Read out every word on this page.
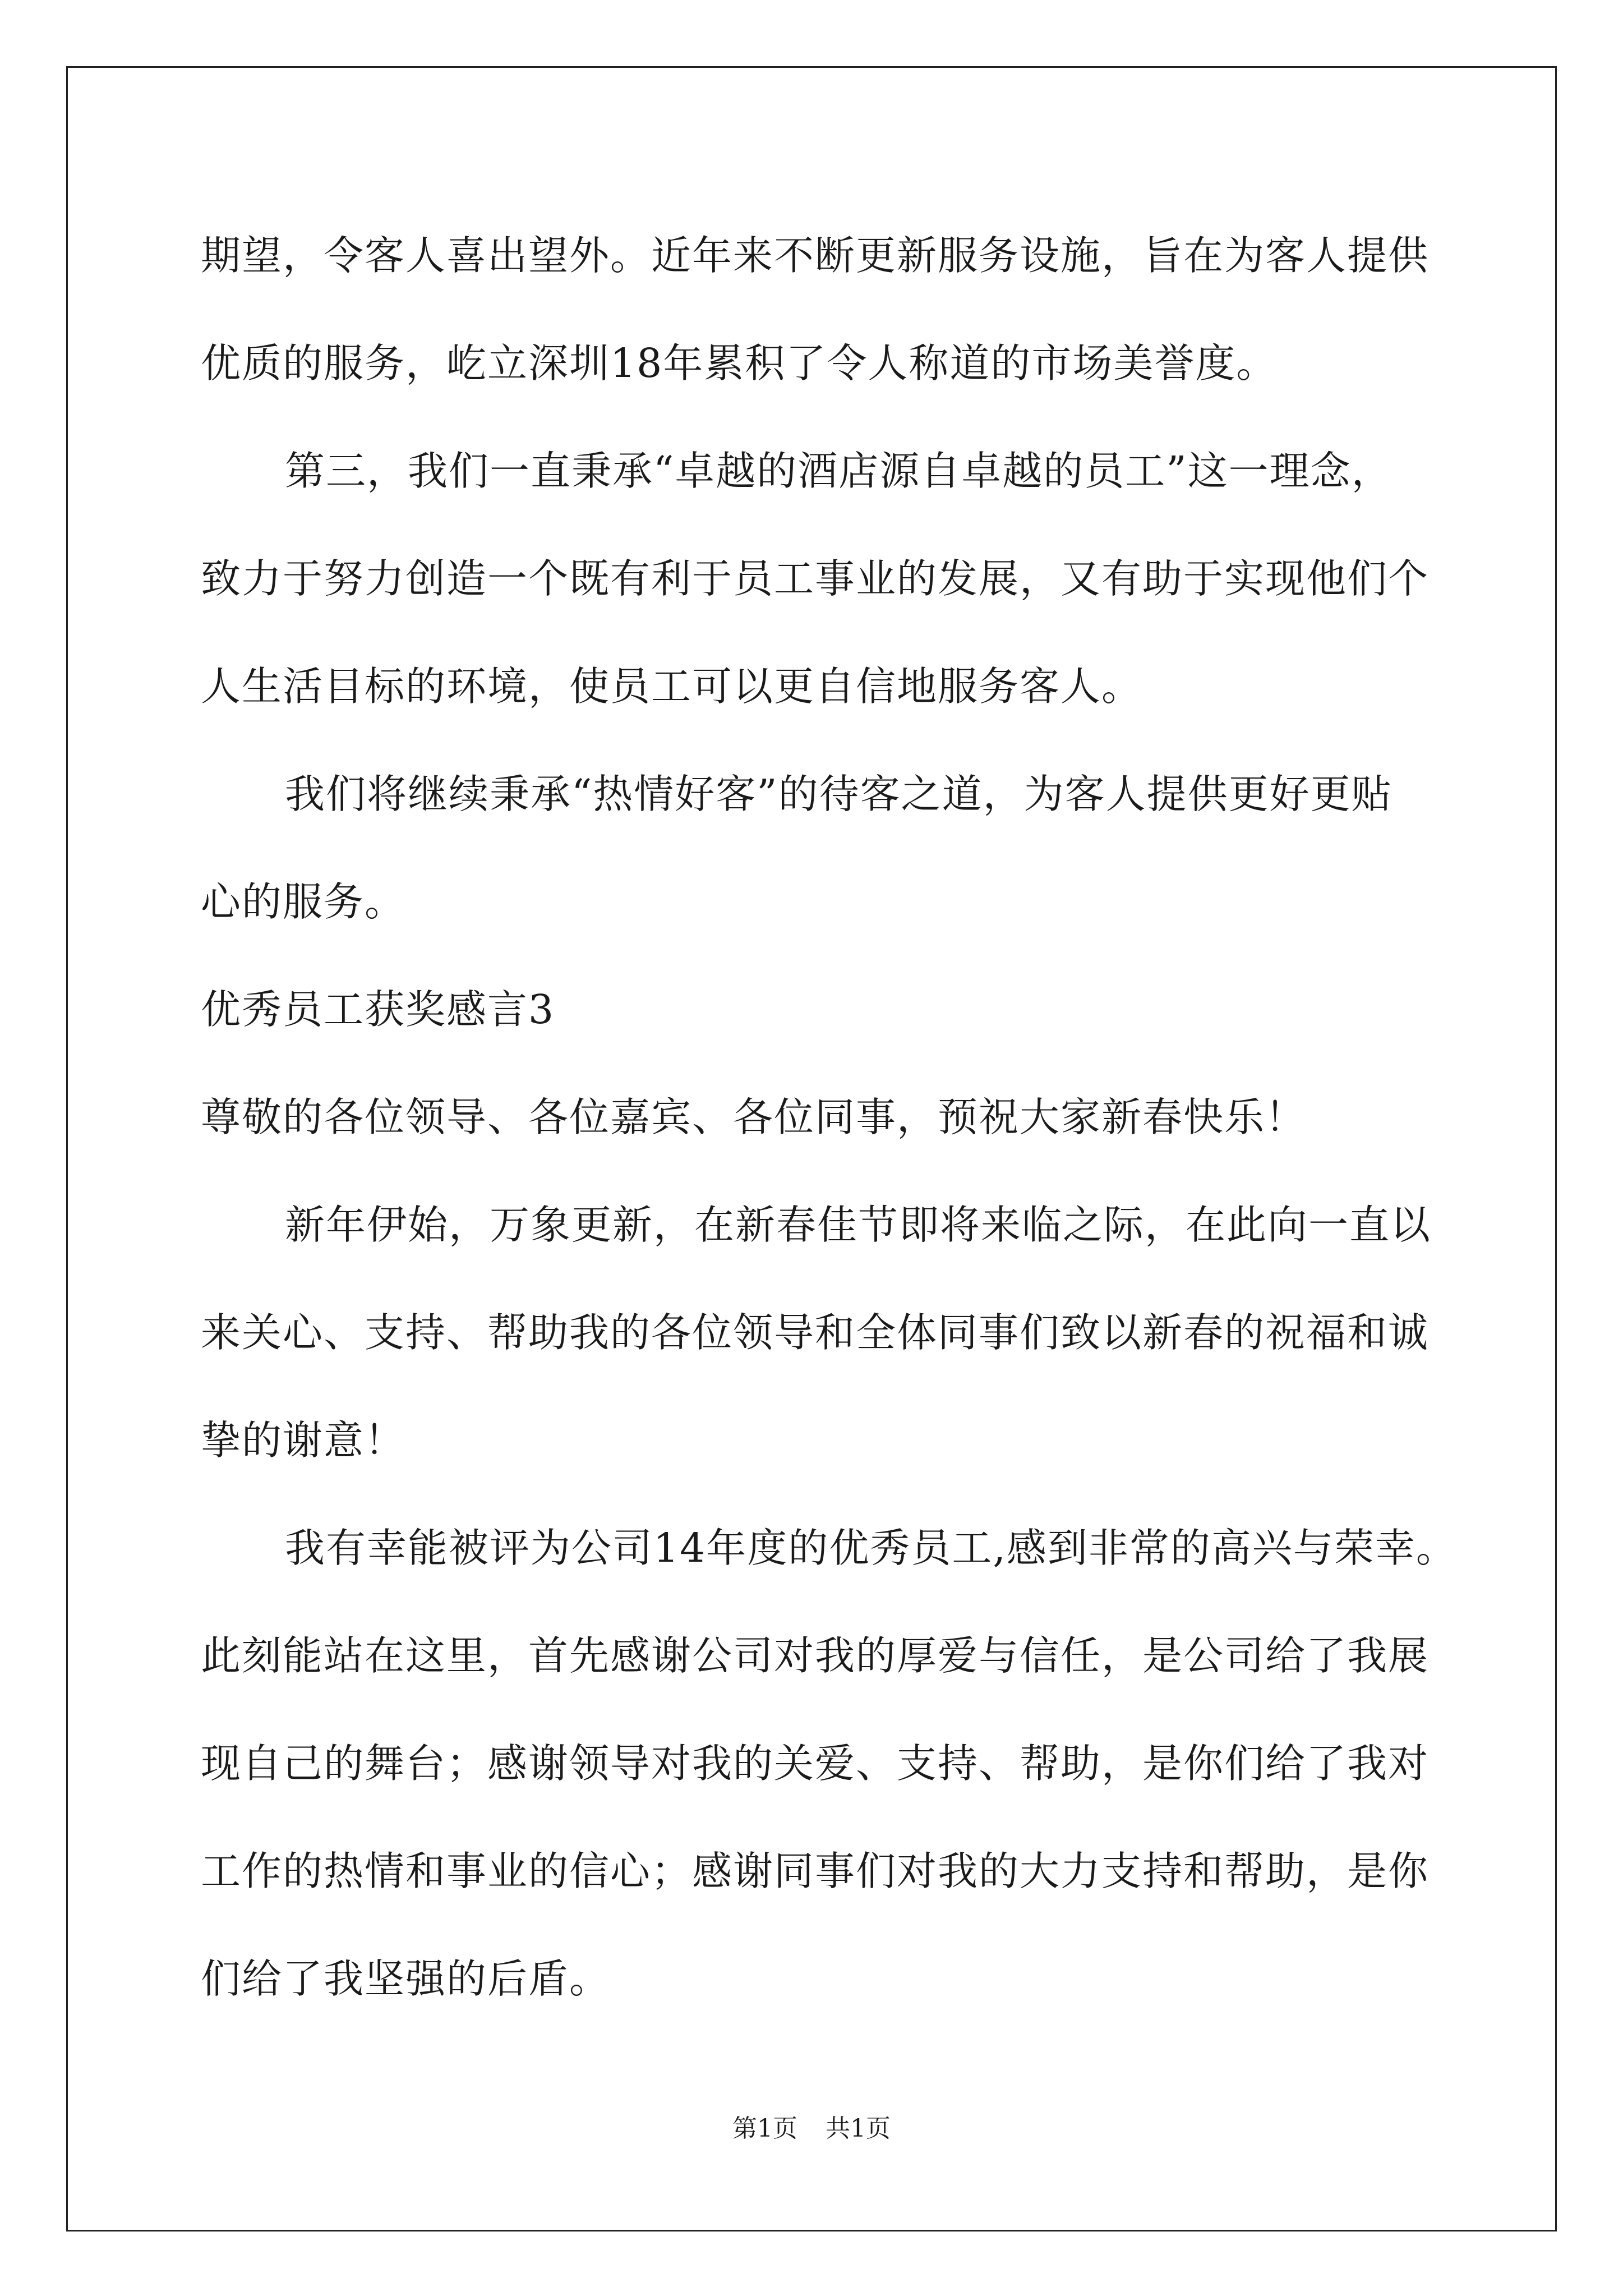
期望，令客人喜出望外。近年来不断更新服务设施，旨在为客人提供
优质的服务，屹立深圳18年累积了令人称道的市场美誉度。
第三，我们一直秉承“卓越的酒店源自卓越的员工”这一理念，
致力于努力创造一个既有利于员工事业的发展，又有助于实现他们个
人生活目标的环境，使员工可以更自信地服务客人。
我们将继续秉承“热情好客”的待客之道，为客人提供更好更贴
心的服务。
优秀员工获奖感言3
尊敬的各位领导、各位嘉宾、各位同事，预祝大家新春快乐！
新年伊始，万象更新，在新春佳节即将来临之际，在此向一直以
来关心、支持、帮助我的各位领导和全体同事们致以新春的祝福和诚
挚的谢意！
我有幸能被评为公司14年度的优秀员工,感到非常的高兴与荣幸。
此刻能站在这里，首先感谢公司对我的厚爱与信任，是公司给了我展
现自己的舞台；感谢领导对我的关爱、支持、帮助，是你们给了我对
工作的热情和事业的信心；感谢同事们对我的大力支持和帮助，是你
们给了我坚强的后盾。
第1页 共1页
